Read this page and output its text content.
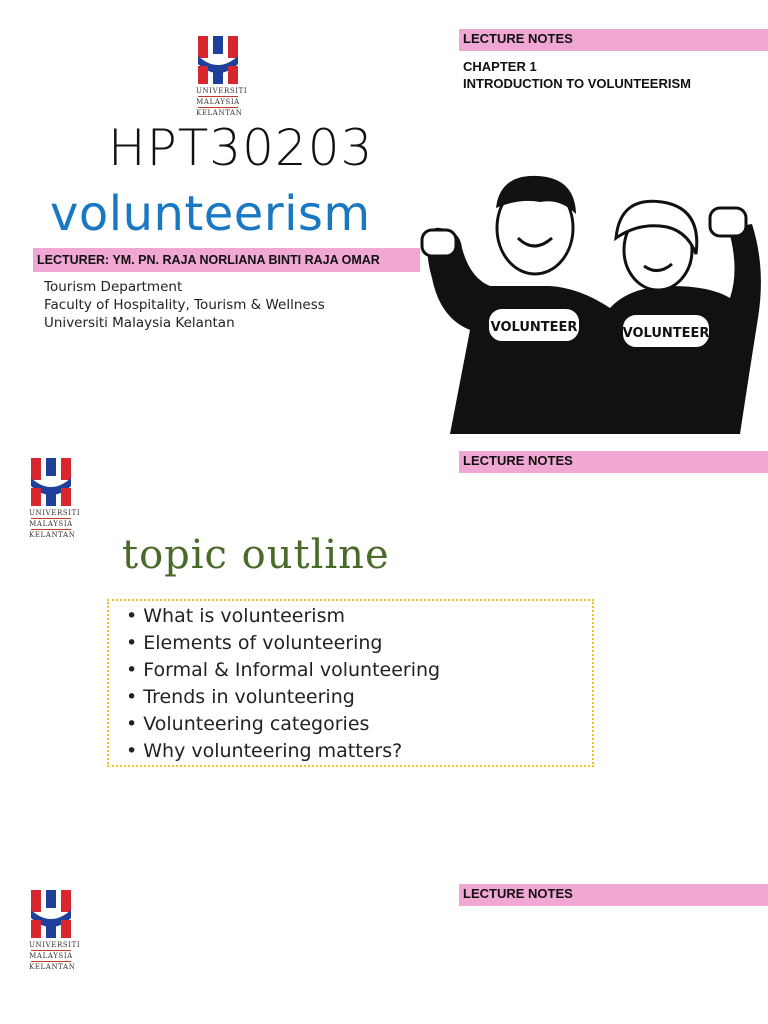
UNIVERSITI
MALAYSIA
KELANTAN
LECTURE NOTES
CHAPTER 1
INTRODUCTION TO VOLUNTEERISM
HPT30203
volunteerism
LECTURER: YM. PN. RAJA NORLIANA BINTI RAJA OMAR
Tourism Department
Faculty of Hospitality, Tourism & Wellness
Universiti Malaysia Kelantan	VOLUNTEER	VOLUNTEER
UNIVERSITI
MALAYSIA
KELANTAN
LECTURE NOTES
topic outline
• What is volunteerism
• Elements of volunteering
• Formal & Informal volunteering
• Trends in volunteering
• Volunteering categories
• Why volunteering matters?
UNIVERSITI
MALAYSIA
KELANTAN
LECTURE NOTES
